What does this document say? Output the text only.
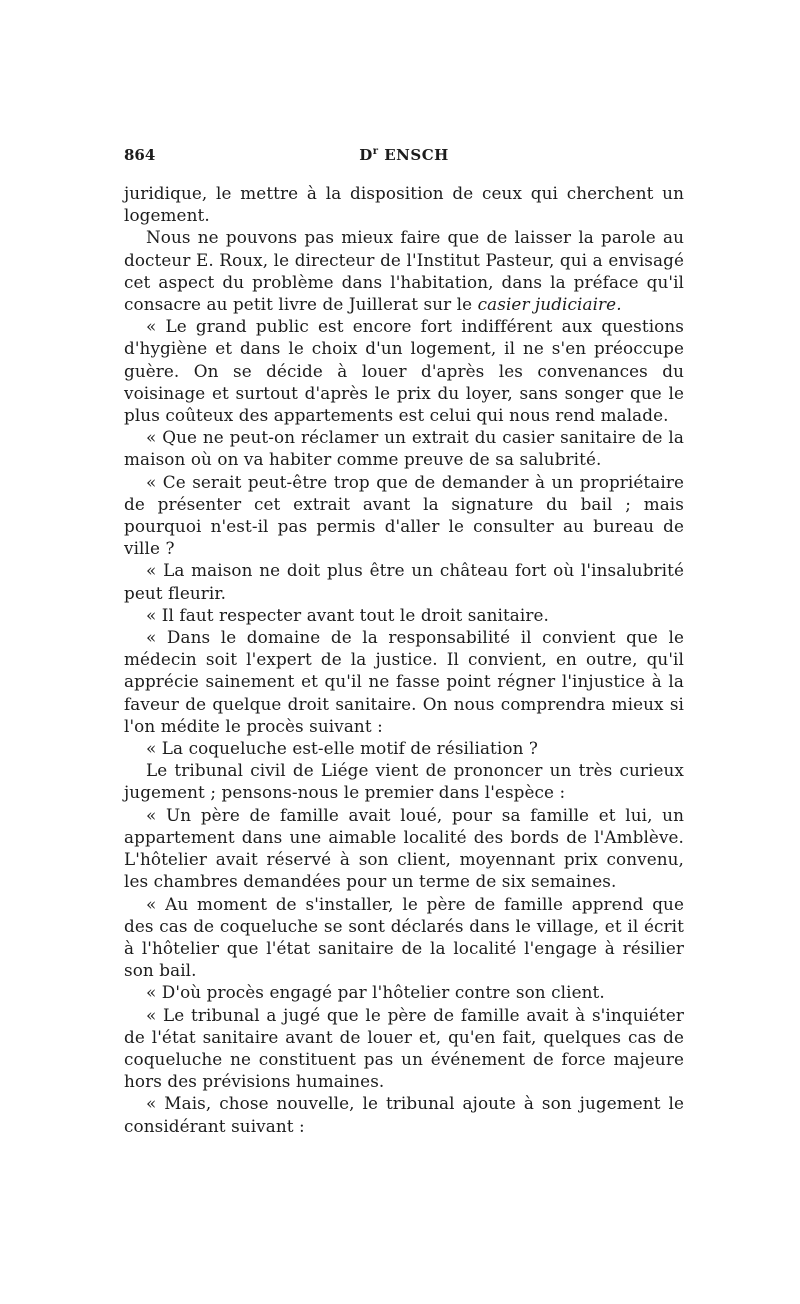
864	$D^r$ ENSCH

juridique, le mettre à la disposition de ceux qui cherchent un logement.

Nous ne pouvons pas mieux faire que de laisser la parole au docteur E. Roux, le directeur de l'Institut Pasteur, qui a envisagé cet aspect du problème dans l'habitation, dans la préface qu'il consacre au petit livre de Juillerat sur le casier judiciaire.

« Le grand public est encore fort indifférent aux questions d'hygiène et dans le choix d'un logement, il ne s'en préoccupe guère. On se décide à louer d'après les convenances du voisinage et surtout d'après le prix du loyer, sans songer que le plus coûteux des appartements est celui qui nous rend malade.

« Que ne peut-on réclamer un extrait du casier sanitaire de la maison où on va habiter comme preuve de sa salubrité.

« Ce serait peut-être trop que de demander à un propriétaire de présenter cet extrait avant la signature du bail ; mais pourquoi n'est-il pas permis d'aller le consulter au bureau de ville ?

« La maison ne doit plus être un château fort où l'insalubrité peut fleurir.

« Il faut respecter avant tout le droit sanitaire.

« Dans le domaine de la responsabilité il convient que le médecin soit l'expert de la justice. Il convient, en outre, qu'il apprécie sainement et qu'il ne fasse point régner l'injustice à la faveur de quelque droit sanitaire. On nous comprendra mieux si l'on médite le procès suivant :

« La coqueluche est-elle motif de résiliation ?

Le tribunal civil de Liége vient de prononcer un très curieux jugement ; pensons-nous le premier dans l'espèce :

« Un père de famille avait loué, pour sa famille et lui, un appartement dans une aimable localité des bords de l'Amblève. L'hôtelier avait réservé à son client, moyennant prix convenu, les chambres demandées pour un terme de six semaines.

« Au moment de s'installer, le père de famille apprend que des cas de coqueluche se sont déclarés dans le village, et il écrit à l'hôtelier que l'état sanitaire de la localité l'engage à résilier son bail.

« D'où procès engagé par l'hôtelier contre son client.

« Le tribunal a jugé que le père de famille avait à s'inquiéter de l'état sanitaire avant de louer et, qu'en fait, quelques cas de coqueluche ne constituent pas un événement de force majeure hors des prévisions humaines.

« Mais, chose nouvelle, le tribunal ajoute à son jugement le considérant suivant :
